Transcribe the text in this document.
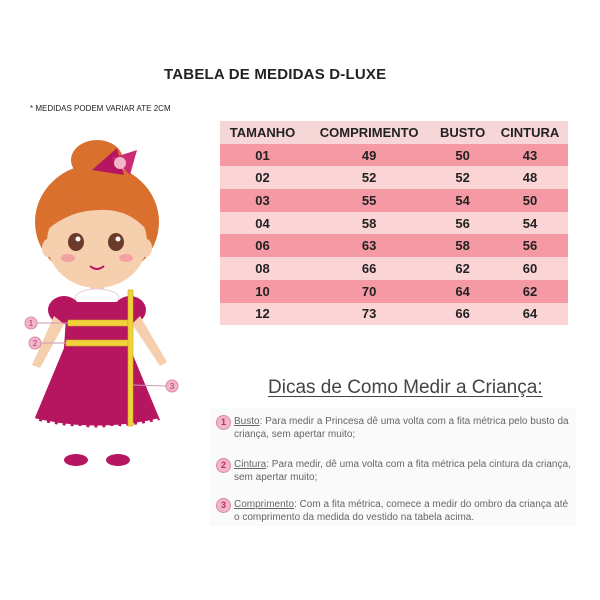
TABELA DE MEDIDAS D-LUXE
* MEDIDAS PODEM VARIAR ATE 2CM
1
2
3
TAMANHO	COMPRIMENTO	BUSTO	CINTURA
01	49	50	43
02	52	52	48
03	55	54	50
04	58	56	54
06	63	58	56
08	66	62	60
10	70	64	62
12	73	66	64
Dicas de Como Medir a Criança:
1 Busto: Para medir a Princesa dê uma volta com a fita métrica pelo busto da criança, sem apertar muito;
2 Cintura: Para medir, dê uma volta com a fita métrica pela cintura da criança, sem apertar muito;
3 Comprimento: Com a fita métrica, comece a medir do ombro da criança até o comprimento da medida do vestido na tabela acima.
